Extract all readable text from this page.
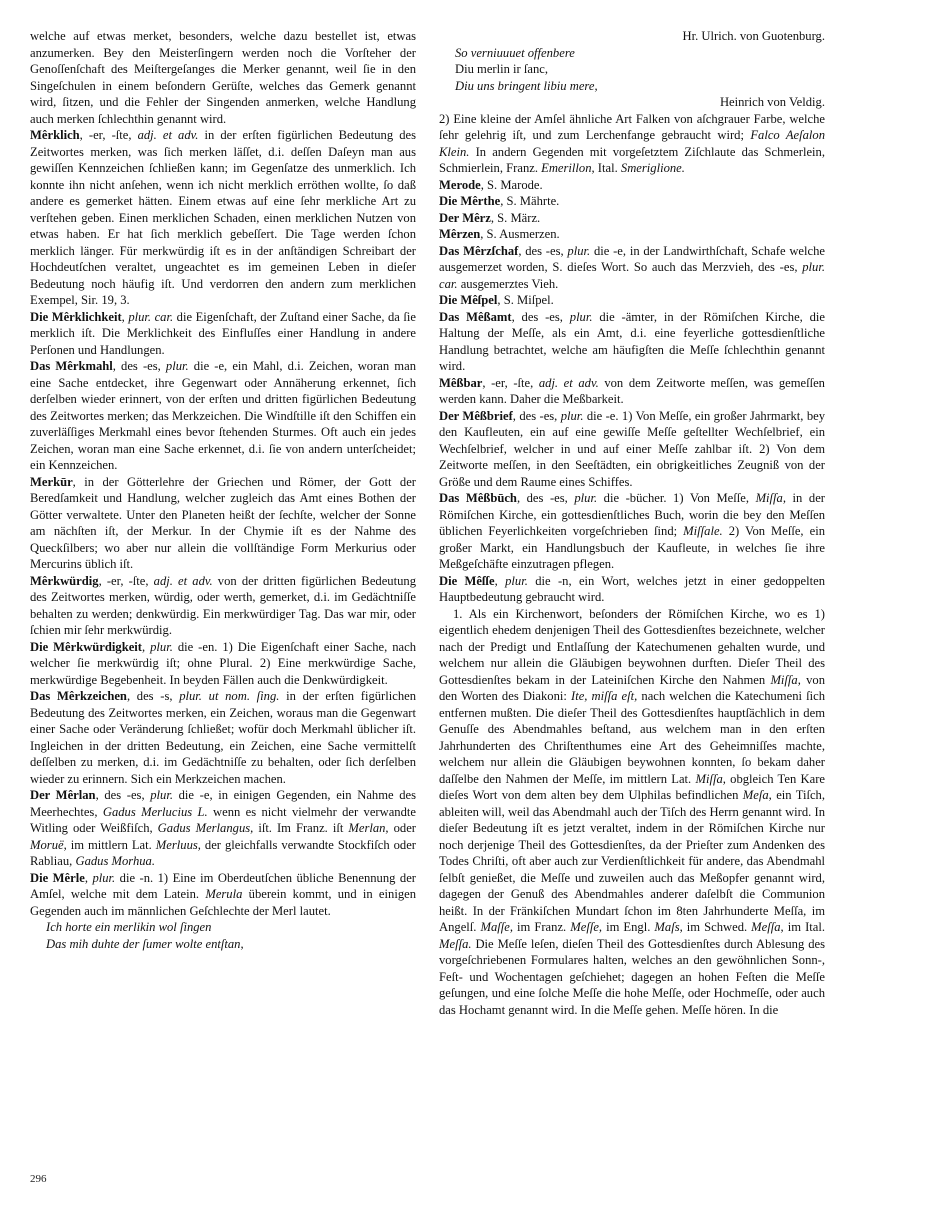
welche auf etwas merket, besonders, welche dazu bestellet ist, etwas anzumerken. Bey den Meisterſingern werden noch die Vorſteher der Genoſſenſchaft des Meiſtergeſanges die Merker genannt, weil ſie in den Singeſchulen in einem beſondern Gerüſte, welches das Gemerk genannt wird, ſitzen, und die Fehler der Singenden anmerken, welche Handlung auch merken ſchlechthin genannt wird.

Mêrklich, -er, -ſte, adj. et adv. in der erſten figürlichen Bedeutung des Zeitwortes merken, was ſich merken läſſet, d.i. deſſen Daſeyn man aus gewiſſen Kennzeichen ſchließen kann; im Gegenſatze des unmerklich. Ich konnte ihn nicht anſehen, wenn ich nicht merklich erröthen wollte, ſo daß andere es gemerket hätten. Einem etwas auf eine ſehr merkliche Art zu verſtehen geben. Einen merklichen Schaden, einen merklichen Nutzen von etwas haben. Er hat ſich merklich gebeſſert. Die Tage werden ſchon merklich länger. Für merkwürdig iſt es in der anſtändigen Schreibart der Hochdeutſchen veraltet, ungeachtet es im gemeinen Leben in dieſer Bedeutung noch häufig iſt. Und verdorren den andern zum merklichen Exempel, Sir. 19, 3.

Die Mêrklichkeit, plur. car. die Eigenſchaft, der Zuſtand einer Sache, da ſie merklich iſt. Die Merklichkeit des Einfluſſes einer Handlung in andere Perſonen und Handlungen.

Das Mêrkmahl, des -es, plur. die -e, ein Mahl, d.i. Zeichen, woran man eine Sache entdecket, ihre Gegenwart oder Annäherung erkennet, ſich derſelben wieder erinnert, von der erſten und dritten figürlichen Bedeutung des Zeitwortes merken; das Merkzeichen. Die Windſtille iſt den Schiffen ein zuverläſſiges Merkmahl eines bevor ſtehenden Sturmes. Oft auch ein jedes Zeichen, woran man eine Sache erkennet, d.i. ſie von andern unterſcheidet; ein Kennzeichen.

Merkūr, in der Götterlehre der Griechen und Römer, der Gott der Beredſamkeit und Handlung, welcher zugleich das Amt eines Bothen der Götter verwaltete. Unter den Planeten heißt der ſechſte, welcher der Sonne am nächſten iſt, der Merkur. In der Chymie iſt es der Nahme des Queckſilbers; wo aber nur allein die vollſtändige Form Merkurius oder Mercurins üblich iſt.

Mêrkwürdig, -er, -ſte, adj. et adv. von der dritten figürlichen Bedeutung des Zeitwortes merken, würdig, oder werth, gemerket, d.i. im Gedächtniſſe behalten zu werden; denkwürdig. Ein merkwürdiger Tag. Das war mir, oder ſchien mir ſehr merkwürdig.

Die Mêrkwürdigkeit, plur. die -en. 1) Die Eigenſchaft einer Sache, nach welcher ſie merkwürdig iſt; ohne Plural. 2) Eine merkwürdige Sache, merkwürdige Begebenheit. In beyden Fällen auch die Denkwürdigkeit.

Das Mêrkzeichen, des -s, plur. ut nom. ſing. in der erſten figürlichen Bedeutung des Zeitwortes merken, ein Zeichen, woraus man die Gegenwart einer Sache oder Veränderung ſchließet; wofür doch Merkmahl üblicher iſt. Ingleichen in der dritten Bedeutung, ein Zeichen, eine Sache vermittelſt deſſelben zu merken, d.i. im Gedächtniſſe zu behalten, oder ſich derſelben wieder zu erinnern. Sich ein Merkzeichen machen.

Der Mêrlan, des -es, plur. die -e, in einigen Gegenden, ein Nahme des Meerhechtes, Gadus Merlucius L. wenn es nicht vielmehr der verwandte Witling oder Weißfiſch, Gadus Merlangus, iſt. Im Franz. iſt Merlan, oder Moruë, im mittlern Lat. Merluus, der gleichfalls verwandte Stockfiſch oder Rabliau, Gadus Morhua.

Die Mêrle, plur. die -n. 1) Eine im Oberdeutſchen übliche Benennung der Amſel, welche mit dem Latein. Merula überein kommt, und in einigen Gegenden auch im männlichen Geſchlechte der Merl lautet.

Ich horte ein merlikin wol ſingen
Das mih duhte der ſumer wolte entſtan,
Hr. Ulrich. von Guotenburg.
So verniuuuet offenbere
Diu merlin ir ſanc,
Diu uns bringent libiu mere,
Heinrich von Veldig.

2) Eine kleine der Amſel ähnliche Art Falken von aſchgrauer Farbe, welche ſehr gelehrig iſt, und zum Lerchenfange gebraucht wird; Falco Aeſalon Klein. In andern Gegenden mit vorgeſetztem Ziſchlaute das Schmerlein, Schmierlein, Franz. Emerillon, Ital. Smeriglione.

Merode, S. Marode.

Die Mêrthe, S. Mährte.

Der Mêrz, S. März.

Mêrzen, S. Ausmerzen.

Das Mêrzſchaf, des -es, plur. die -e, in der Landwirthſchaft, Schafe welche ausgemerzet worden, S. dieſes Wort. So auch das Merzvieh, des -es, plur. car. ausgemerztes Vieh.

Die Mêſpel, S. Miſpel.

Das Mêßamt, des -es, plur. die -ämter, in der Römiſchen Kirche, die Haltung der Meſſe, als ein Amt, d.i. eine feyerliche gottesdienſtliche Handlung betrachtet, welche am häufigſten die Meſſe ſchlechthin genannt wird.

Mêßbar, -er, -ſte, adj. et adv. von dem Zeitworte meſſen, was gemeſſen werden kann. Daher die Meßbarkeit.

Der Mêßbrief, des -es, plur. die -e. 1) Von Meſſe, ein großer Jahrmarkt, bey den Kaufleuten, ein auf eine gewiſſe Meſſe geſtellter Wechſelbrief, ein Wechſelbrief, welcher in und auf einer Meſſe zahlbar iſt. 2) Von dem Zeitworte meſſen, in den Seeſtädten, ein obrigkeitliches Zeugniß von der Größe und dem Raume eines Schiffes.

Das Mêßbūch, des -es, plur. die -bücher. 1) Von Meſſe, Miſſa, in der Römiſchen Kirche, ein gottesdienſtliches Buch, worin die bey den Meſſen üblichen Feyerlichkeiten vorgeſchrieben ſind; Miſſale. 2) Von Meſſe, ein großer Markt, ein Handlungsbuch der Kaufleute, in welches ſie ihre Meßgeſchäfte einzutragen pflegen.

Die Mêſſe, plur. die -n, ein Wort, welches jetzt in einer gedoppelten Hauptbedeutung gebraucht wird.

1. Als ein Kirchenwort, beſonders der Römiſchen Kirche, wo es 1) eigentlich ehedem denjenigen Theil des Gottesdienſtes bezeichnete, welcher nach der Predigt und Entlaſſung der Katechumenen gehalten wurde, und welchem nur allein die Gläubigen beywohnen durften. Dieſer Theil des Gottesdienſtes bekam in der Lateiniſchen Kirche den Nahmen Miſſa, von den Worten des Diakoni: Ite, miſſa eſt, nach welchen die Katechumeni ſich entfernen mußten. Die dieſer Theil des Gottesdienſtes hauptſächlich in dem Genuſſe des Abendmahles beſtand, aus welchem man in den erſten Jahrhunderten des Chriſtenthumes eine Art des Geheimniſſes machte, welchem nur allein die Gläubigen beywohnen konnten, ſo bekam daher daſſelbe den Nahmen der Meſſe, im mittlern Lat. Miſſa, obgleich Ten Kare dieſes Wort von dem alten bey dem Ulphilas befindlichen Meſa, ein Tiſch, ableiten will, weil das Abendmahl auch der Tiſch des Herrn genannt wird. In dieſer Bedeutung iſt es jetzt veraltet, indem in der Römiſchen Kirche nur noch derjenige Theil des Gottesdienſtes, da der Prieſter zum Andenken des Todes Chriſti, oft aber auch zur Verdienſtlichkeit für andere, das Abendmahl ſelbſt genießet, die Meſſe und zuweilen auch das Meßopfer genannt wird, dagegen der Genuß des Abendmahles anderer daſelbſt die Communion heißt. In der Fränkiſchen Mundart ſchon im 8ten Jahrhunderte Meſſa, im Angelſ. Maſſe, im Franz. Meſſe, im Engl. Maſs, im Schwed. Meſſa, im Ital. Meſſa. Die Meſſe leſen, dieſen Theil des Gottesdienſtes durch Ablesung des vorgeſchriebenen Formulares halten, welches an den gewöhnlichen Sonn-, Feſt- und Wochentagen geſchiehet; dagegen an hohen Feſten die Meſſe geſungen, und eine ſolche Meſſe die hohe Meſſe, oder Hochmeſſe, oder auch das Hochamt genannt wird. In die Meſſe gehen. Meſſe hören. In die

296
